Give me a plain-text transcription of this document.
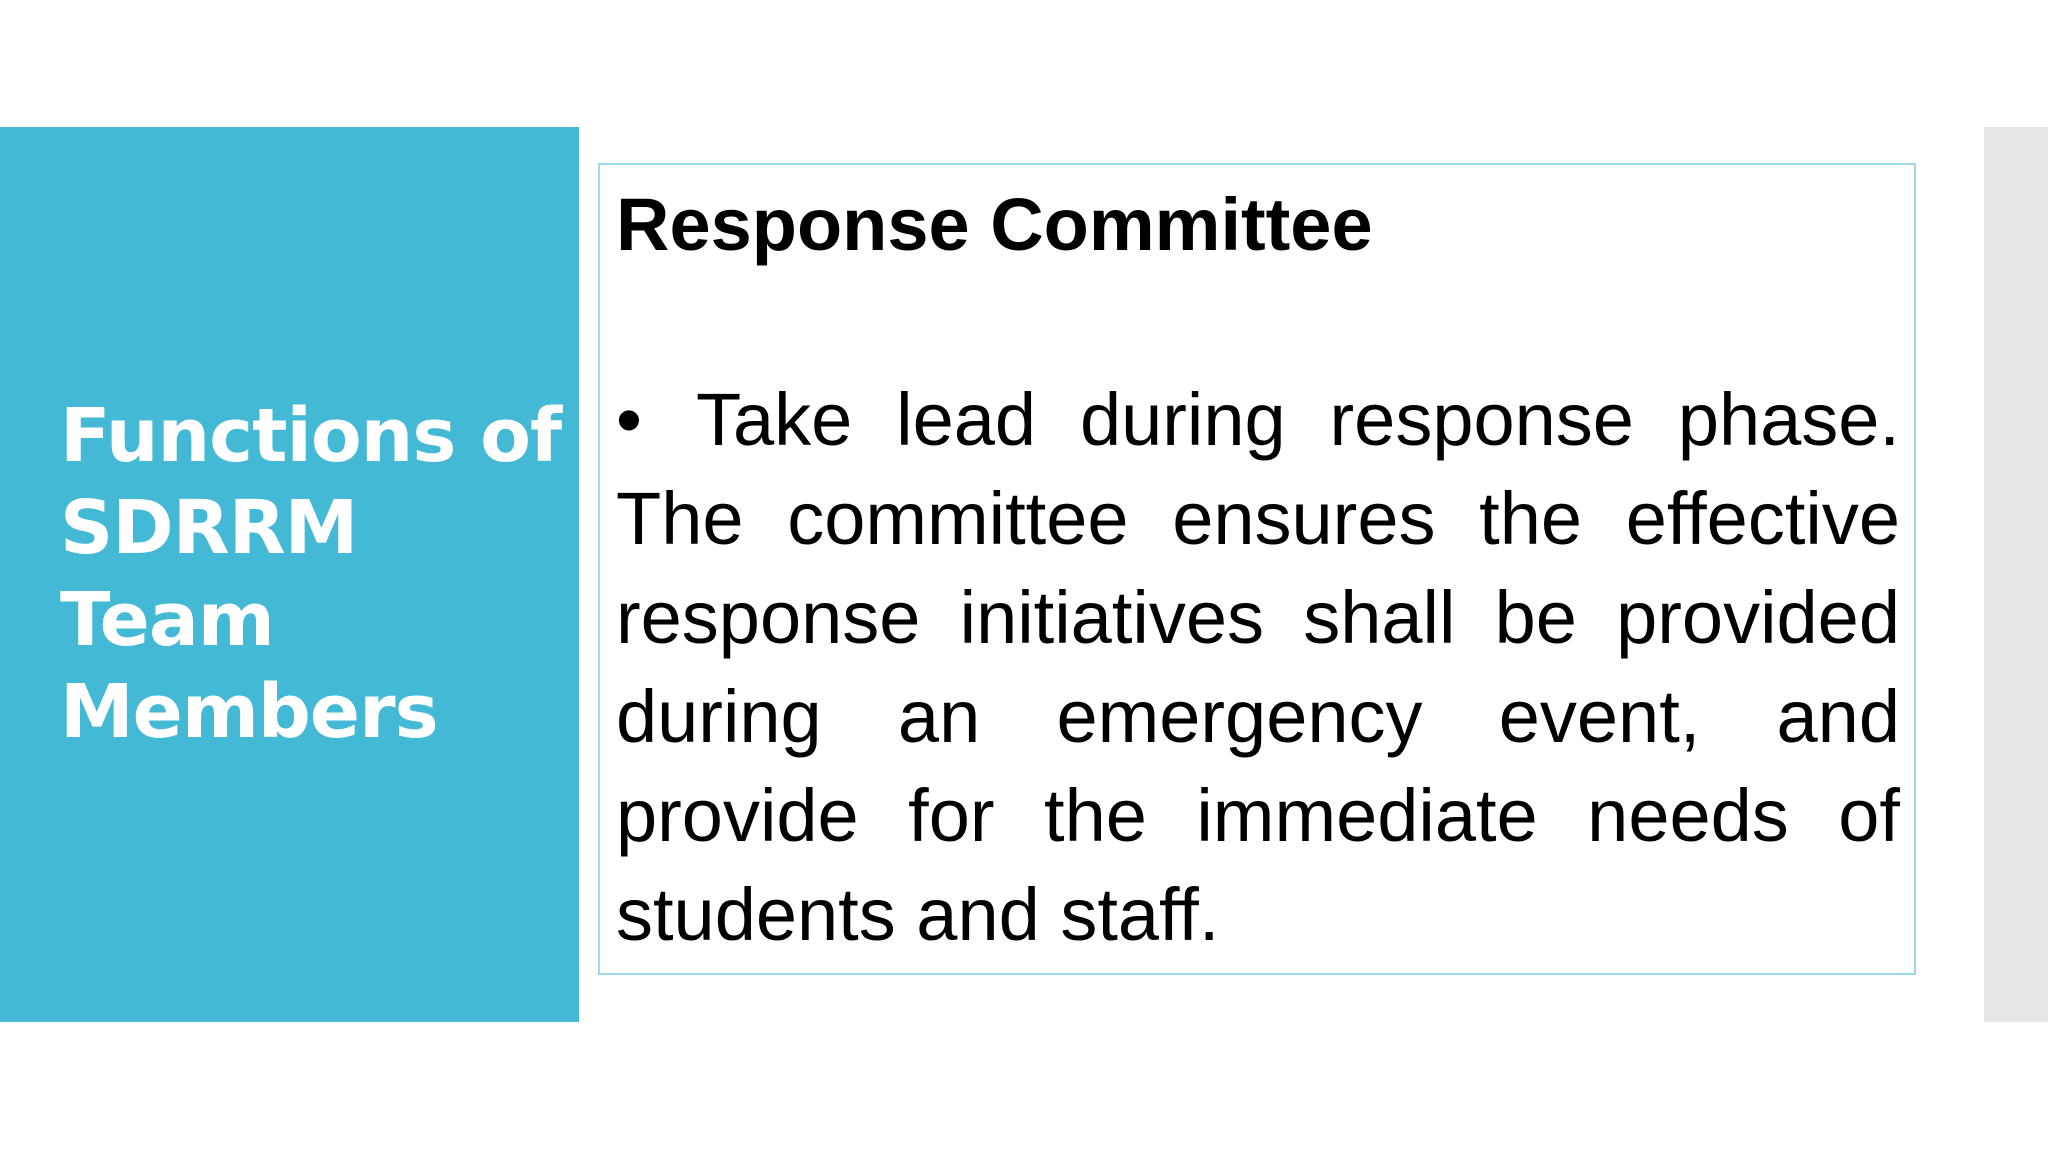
Functions of
SDRRM
Team
Members
Response Committee
• Take lead during response phase. The committee ensures the effective response initiatives shall be provided during an emergency event, and provide for the immediate needs of students and staff.
